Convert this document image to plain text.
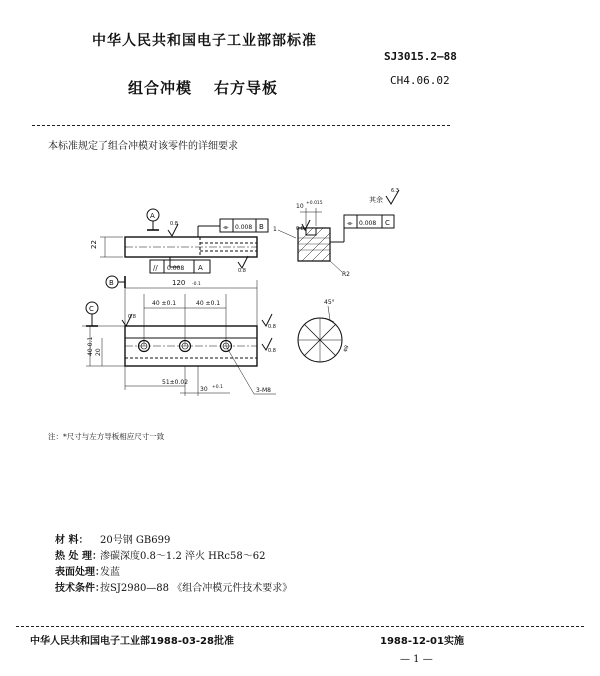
中华人民共和国电子工业部部标准
SJ3015.2—88
CH4.06.02
组合冲模 右方导板
本标准规定了组合冲模对该零件的详细要求
22
A
0.8	⌯ 0.008 B
// 0.008 A	0.8
10 +0.015
1
R2
⌯ 0.008 C
0.8
其余
6.3
B	120 -0.1
40 ±0.1	40 ±0.1
C
40-0.1 20
0.8
0.8
0.8
51±0.02
30 +0.1	3-M8
45°
φ8
注：*尺寸与左方导板相应尺寸一致
材 料： 20号钢 GB699
热 处 理：渗碳深度0.8～1.2 淬火 HRc58～62
表面处理：发蓝
技术条件：按SJ2980—88 《组合冲模元件技术要求》
中华人民共和国电子工业部1988-03-28批准	1988-12-01实施
— 1 —
